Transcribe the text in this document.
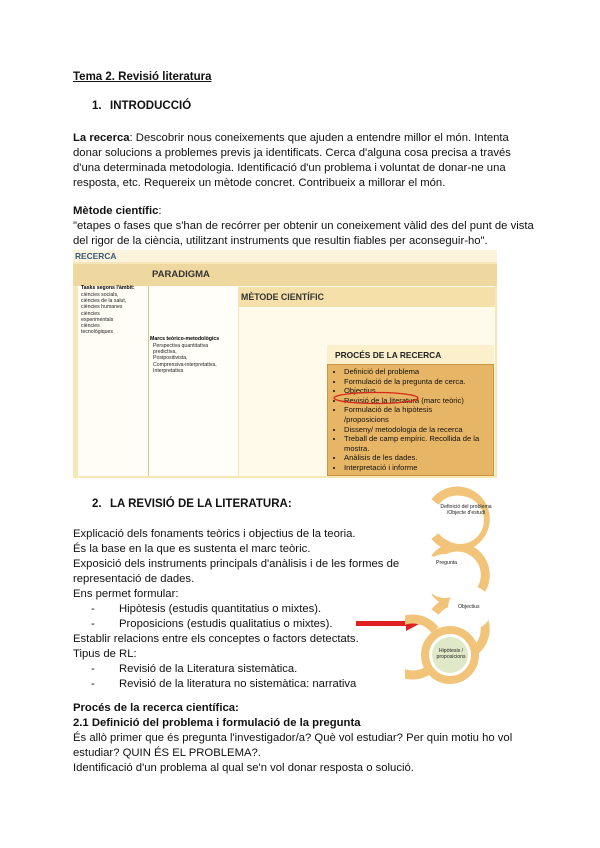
Tema 2. Revisió literatura
1. INTRODUCCIÓ
La recerca: Descobrir nous coneixements que ajuden a entendre millor el món. Intenta
donar solucions a problemes previs ja identificats. Cerca d'alguna cosa precisa a través
d'una determinada metodologia. Identificació d'un problema i voluntat de donar-ne una
resposta, etc. Requereix un mètode concret. Contribueix a millorar el món.
Mètode científic:
"etapes o fases que s'han de recórrer per obtenir un coneixement vàlid des del punt de vista
del rigor de la ciència, utilitzant instruments que resultin fiables per aconseguir-ho".
RECERCA
PARADIGMA
Tasks segons l'àmbit:
ciències socials,
ciències de la salut,
ciències humanes
ciències
experimentals
ciències
tecnològiques
Marcs teòrico-metodològics
Perspectiva quantitativa
predictiva,
Postpositivista,
Comprensiva-interpretativa,
Interpretativa
MÈTODE CIENTÍFIC
PROCÉS DE LA RECERCA
• Definició del problema
• Formulació de la pregunta de cerca.
• Objectius
• Revisió de la literatura (marc teòric)
• Formulació de la hipòtesis
/proposicions
• Disseny/ metodologia de la recerca
• Treball de camp empíric. Recollida de la
mostra.
• Anàlisis de les dades.
• Interpretació i informe
2. LA REVISIÓ DE LA LITERATURA:
Explicació dels fonaments teòrics i objectius de la teoria.
És la base en la que es sustenta el marc teòric.
Exposició dels instruments principals d'anàlisis i de les formes de
representació de dades.
Ens permet formular:
- Hipòtesis (estudis quantitatius o mixtes).
- Proposicions (estudis qualitatius o mixtes).
Establir relacions entre els conceptes o factors detectats.
Tipus de RL:
- Revisió de la Literatura sistemàtica.
- Revisió de la literatura no sistemàtica: narrativa
Definició del problema /Objecte d'estudi
Pregunta
Objectius
Hipòtesis / proposicions
Procés de la recerca científica:
2.1 Definició del problema i formulació de la pregunta
És allò primer que és pregunta l'investigador/a? Què vol estudiar? Per quin motiu ho vol
estudiar? QUIN ÉS EL PROBLEMA?.
Identificació d'un problema al qual se'n vol donar resposta o solució.
